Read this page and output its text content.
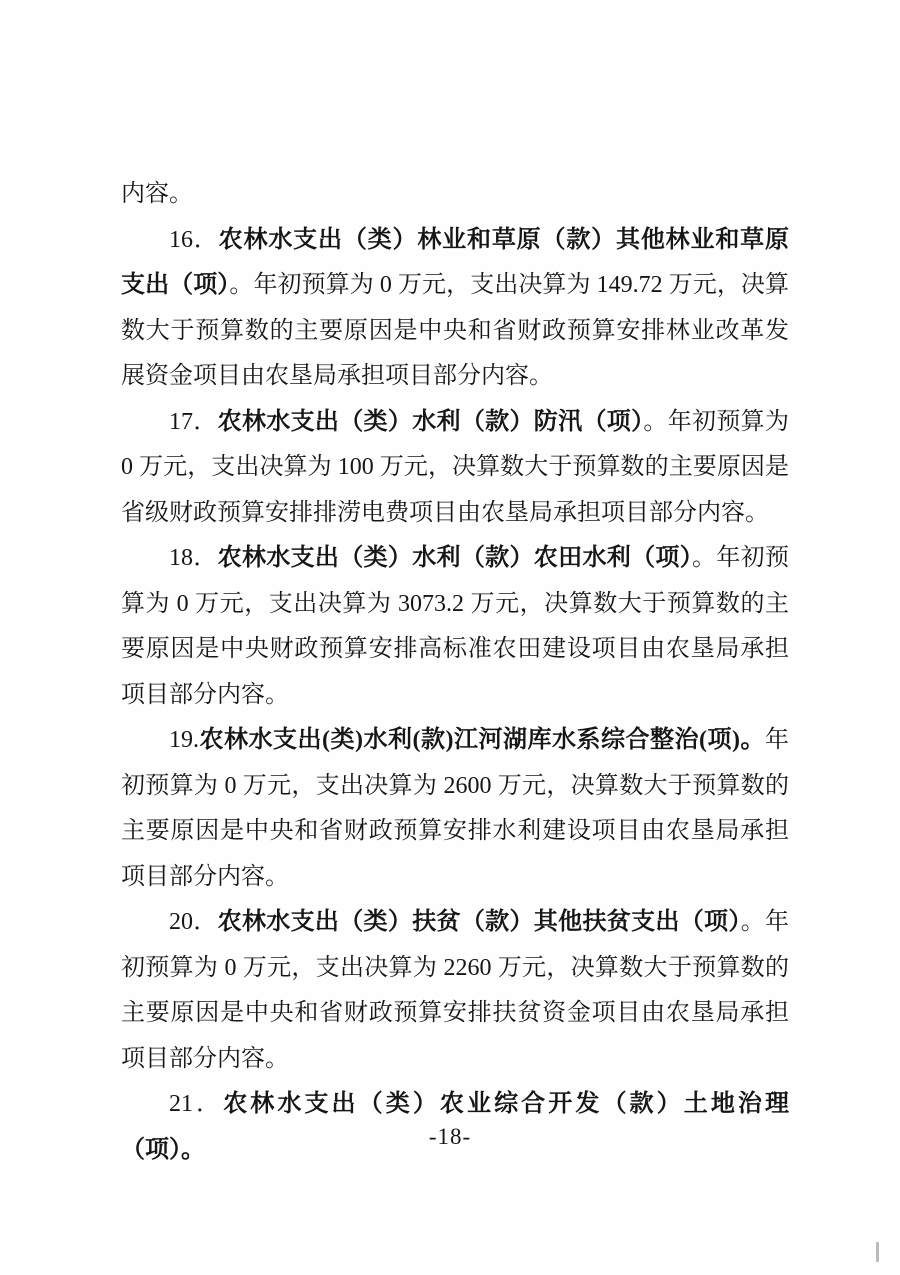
内容。

16．农林水支出（类）林业和草原（款）其他林业和草原支出（项）。年初预算为 0 万元，支出决算为 149.72 万元，决算数大于预算数的主要原因是中央和省财政预算安排林业改革发展资金项目由农垦局承担项目部分内容。

17．农林水支出（类）水利（款）防汛（项）。年初预算为 0 万元，支出决算为 100 万元，决算数大于预算数的主要原因是省级财政预算安排排涝电费项目由农垦局承担项目部分内容。

18．农林水支出（类）水利（款）农田水利（项）。年初预算为 0 万元，支出决算为 3073.2 万元，决算数大于预算数的主要原因是中央财政预算安排高标准农田建设项目由农垦局承担项目部分内容。

19.农林水支出(类)水利(款)江河湖库水系综合整治(项)。年初预算为 0 万元，支出决算为 2600 万元，决算数大于预算数的主要原因是中央和省财政预算安排水利建设项目由农垦局承担项目部分内容。

20．农林水支出（类）扶贫（款）其他扶贫支出（项）。年初预算为 0 万元，支出决算为 2260 万元，决算数大于预算数的主要原因是中央和省财政预算安排扶贫资金项目由农垦局承担项目部分内容。

21．农林水支出（类）农业综合开发（款）土地治理（项）。	-18-
